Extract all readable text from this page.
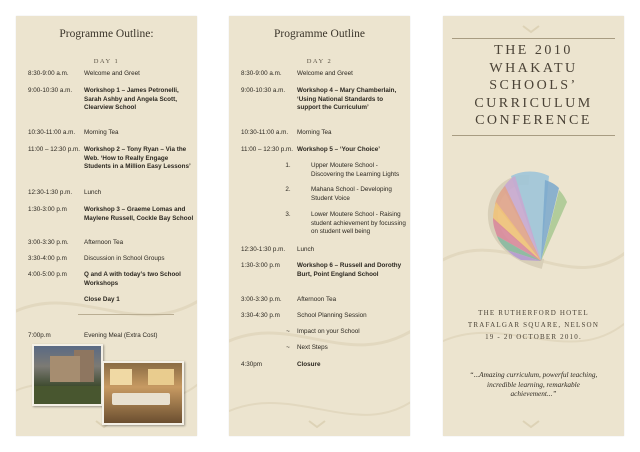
Programme Outline:
DAY 1
8:30-9:00 a.m.	Welcome and Greet
9:00-10:30 a.m.	Workshop 1 – James Petronelli, Sarah Ashby and Angela Scott, Clearview School
10:30-11:00 a.m.	Morning Tea
11:00 – 12:30 p.m. Workshop 2 – Tony Ryan – Via the Web. ‘How to Really Engage Students in a Million Easy Lessons’
12:30-1:30 p.m.	Lunch
1:30-3:00 p.m	Workshop 3 – Graeme Lomas and Maylene Russell, Cockle Bay School
3:00-3:30 p.m.	Afternoon Tea
3:30-4:00 p.m	Discussion in School Groups
4:00-5:00 p.m	Q and A with today’s two School Workshops
Close Day 1
7:00p.m	Evening Meal (Extra Cost)
Programme Outline
DAY 2
8:30-9:00 a.m.	Welcome and Greet
9:00-10:30 a.m.	Workshop 4 – Mary Chamberlain, ‘Using National Standards to support the Curriculum’
10:30-11:00 a.m.	Morning Tea
11:00 – 12:30 p.m. Workshop 5 – ‘Your Choice’
1.	Upper Moutere School - Discovering the Learning Lights
2.	Mahana School - Developing Student Voice
3.	Lower Moutere School - Raising student achievement by focussing on student well being
12:30-1:30 p.m.	Lunch
1:30-3:00 p.m	Workshop 6 – Russell and Dorothy Burt, Point England School
3:00-3:30 p.m.	Afternoon Tea
3:30-4:30 p.m	School Planning Session
~	Impact on your School
~	Next Steps
4:30pm	Closure
THE 2010
WHAKATU
SCHOOLS’
CURRICULUM
CONFERENCE
THE RUTHERFORD HOTEL
TRAFALGAR SQUARE, NELSON
19 - 20 OCTOBER 2010.
“...Amazing curriculum, powerful teaching,
incredible learning, remarkable
achievement...”
